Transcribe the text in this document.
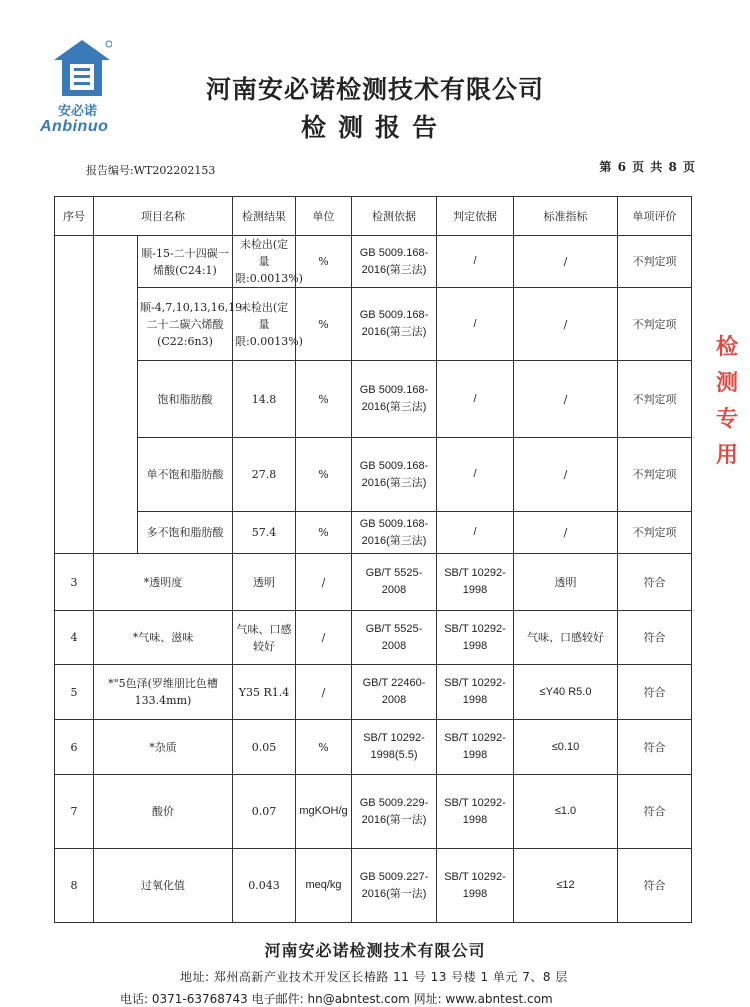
安必诺
Anbinuo
河南安必诺检测技术有限公司
检测报告
报告编号:WT202202153	第 6 页 共 8 页
序号	项目名称		检测结果	单位	检测依据	判定依据	标准指标	单项评价
		顺-15-二十四碳一烯酸(C24:1)	未检出(定量限:0.0013%)	%	GB 5009.168-2016(第三法)	/	/	不判定项
		顺-4,7,10,13,16,19-二十二碳六烯酸(C22:6n3)	未检出(定量限:0.0013%)	%	GB 5009.168-2016(第三法)	/	/	不判定项
		饱和脂肪酸	14.8	%	GB 5009.168-2016(第三法)	/	/	不判定项
		单不饱和脂肪酸	27.8	%	GB 5009.168-2016(第三法)	/	/	不判定项
		多不饱和脂肪酸	57.4	%	GB 5009.168-2016(第三法)	/	/	不判定项
3	*透明度		透明	/	GB/T 5525-2008	SB/T 10292-1998	透明	符合
4	*气味、滋味		气味、口感较好	/	GB/T 5525-2008	SB/T 10292-1998	气味、口感较好	符合
5	*"5色泽(罗维朋比色槽133.4mm)		Y35 R1.4	/	GB/T 22460-2008	SB/T 10292-1998	≤Y40 R5.0	符合
6	*杂质		0.05	%	SB/T 10292-1998(5.5)	SB/T 10292-1998	≤0.10	符合
7	酸价		0.07	mgKOH/g	GB 5009.229-2016(第一法)	SB/T 10292-1998	≤1.0	符合
8	过氧化值		0.043	meq/kg	GB 5009.227-2016(第一法)	SB/T 10292-1998	≤12	符合
检测专用
河南安必诺检测技术有限公司
地址: 郑州高新产业技术开发区长椿路 11 号 13 号楼 1 单元 7、8 层
电话: 0371-63768743 电子邮件: hn@abntest.com 网址: www.abntest.com
